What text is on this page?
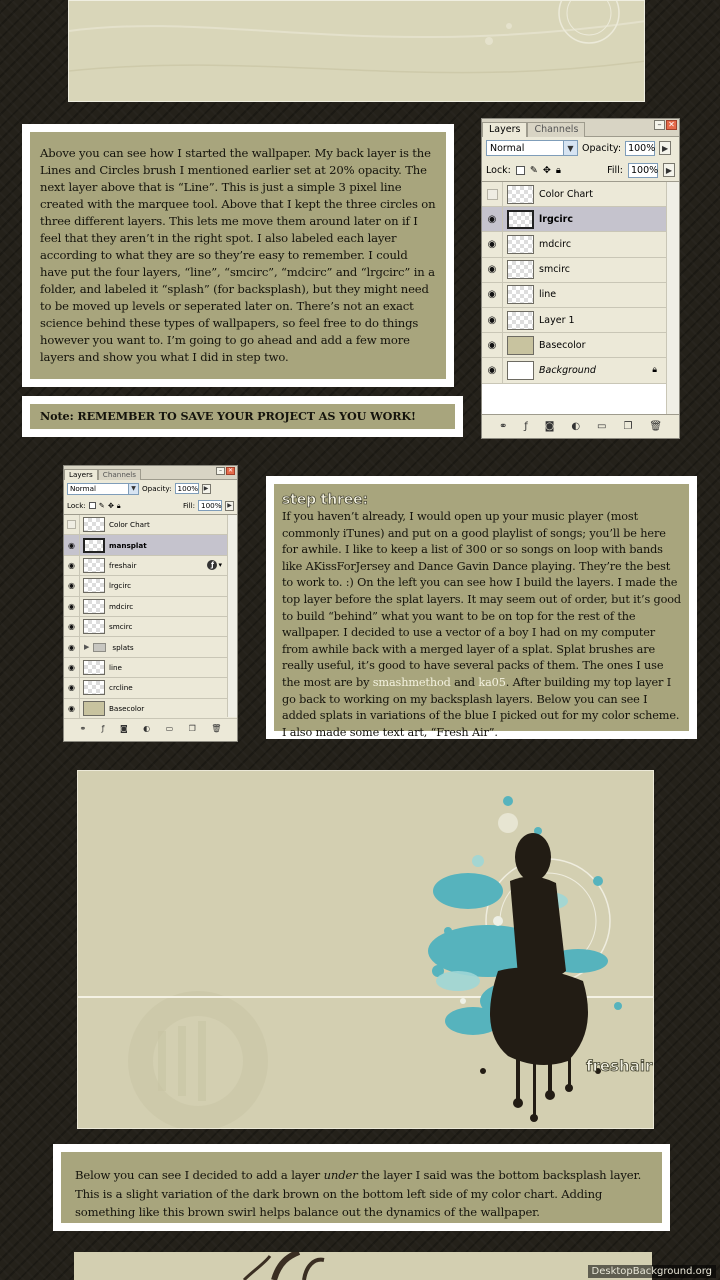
Above you can see how I started the wallpaper. My back layer is the Lines and Circles brush I mentioned earlier set at 20% opacity. The next layer above that is “Line”. This is just a simple 3 pixel line created with the marquee tool. Above that I kept the three circles on three different layers. This lets me move them around later on if I feel that they aren’t in the right spot. I also labeled each layer according to what they are so they’re easy to remember. I could have put the four layers, “line”, “smcirc”, “mdcirc” and “lrgcirc” in a folder, and labeled it “splash” (for backsplash), but they might need to be moved up levels or seperated later on. There’s not an exact science behind these types of wallpapers, so feel free to do things however you want to. I’m going to go ahead and add a few more layers and show you what I did in step two.
Note: REMEMBER TO SAVE YOUR PROJECT AS YOU WORK!
Layers	Channels	– ✕
Normal	▼ Opacity: 100% ▶
Lock: ✎ ✥ 🔒︎	Fill: 100% ▶
Color Chart
◉	lrgcirc
◉	mdcirc
◉	smcirc
◉	line
◉	Layer 1
◉	Basecolor
◉	Background	🔒︎
⚭ ƒ ◙ ◐ ▭ ❐ 🗑︎
Layers	Channels	– ✕
Normal	▼ Opacity: 100% ▶
Lock: ✎ ✥ 🔒︎	Fill: 100% ▶
Color Chart
◉	mansplat
◉	freshair	ƒ ▾
◉	lrgcirc
◉	mdcirc
◉	smcirc
◉	▶	splats
◉	line
◉	crcline
◉	Basecolor
⚭ ƒ ◙ ◐ ▭ ❐ 🗑︎
step three:
If you haven’t already, I would open up your music player (most commonly iTunes) and put on a good playlist of songs; you’ll be here for awhile. I like to keep a list of 300 or so songs on loop with bands like AKissForJersey and Dance Gavin Dance playing. They’re the best to work to. :) On the left you can see how I build the layers. I made the top layer before the splat layers. It may seem out of order, but it’s good to build “behind” what you want to be on top for the rest of the wallpaper. I decided to use a vector of a boy I had on my computer from awhile back with a merged layer of a splat. Splat brushes are really useful, it’s good to have several packs of them. The ones I use the most are by smashmethod and ka05. After building my top layer I go back to working on my backsplash layers. Below you can see I added splats in variations of the blue I picked out for my color scheme. I also made some text art, “Fresh Air”.
freshair
Below you can see I decided to add a layer under the layer I said was the bottom backsplash layer. This is a slight variation of the dark brown on the bottom left side of my color chart. Adding something like this brown swirl helps balance out the dynamics of the wallpaper.
DesktopBackground.org
